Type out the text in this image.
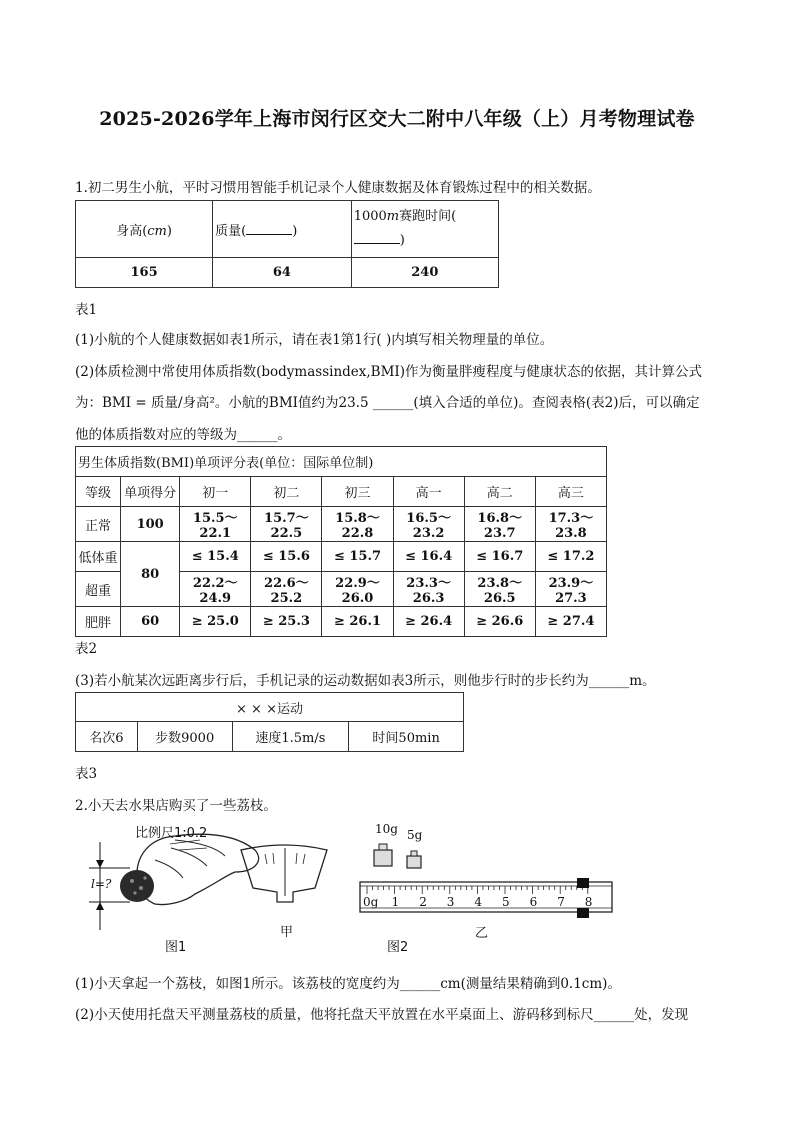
2025-2026学年上海市闵行区交大二附中八年级（上）月考物理试卷
1.初二男生小航，平时习惯用智能手机记录个人健康数据及体育锻炼过程中的相关数据。
身高(cm)	质量( )	1000m赛跑时间(
)
165	64	240
表1
(1)小航的个人健康数据如表1所示，请在表1第1行( )内填写相关物理量的单位。
(2)体质检测中常使用体质指数(bodymassindex,BMI)作为衡量胖瘦程度与健康状态的依据，其计算公式
为：BMI = 质量/身高²。小航的BMI值约为23.5 ______(填入合适的单位)。查阅表格(表2)后，可以确定
他的体质指数对应的等级为______。
男生体质指数(BMI)单项评分表(单位：国际单位制)							
等级	单项得分	初一	初二	初三	高一	高二	高三
正常	100	15.5～22.1	15.7～22.5	15.8～22.8	16.5～23.2	16.8～23.7	17.3～23.8
低体重	80	≤ 15.4	≤ 15.6	≤ 15.7	≤ 16.4	≤ 16.7	≤ 17.2
超重		22.2～24.9	22.6～25.2	22.9～26.0	23.3～26.3	23.8～26.5	23.9～27.3
肥胖	60	≥ 25.0	≥ 25.3	≥ 26.1	≥ 26.4	≥ 26.6	≥ 27.4
表2
(3)若小航某次远距离步行后，手机记录的运动数据如表3所示，则他步行时的步长约为______m。
× × ×运动
名次6	步数9000	速度1.5m/s	时间50min
表3
2.小天去水果店购买了一些荔枝。
比例尺1:0.2
l=?
图1
甲
图2
乙
10g 5g
0g 1 2 3 4 5 6 7 8
(1)小天拿起一个荔枝，如图1所示。该荔枝的宽度约为______cm(测量结果精确到0.1cm)。
(2)小天使用托盘天平测量荔枝的质量，他将托盘天平放置在水平桌面上、游码移到标尺______处，发现
